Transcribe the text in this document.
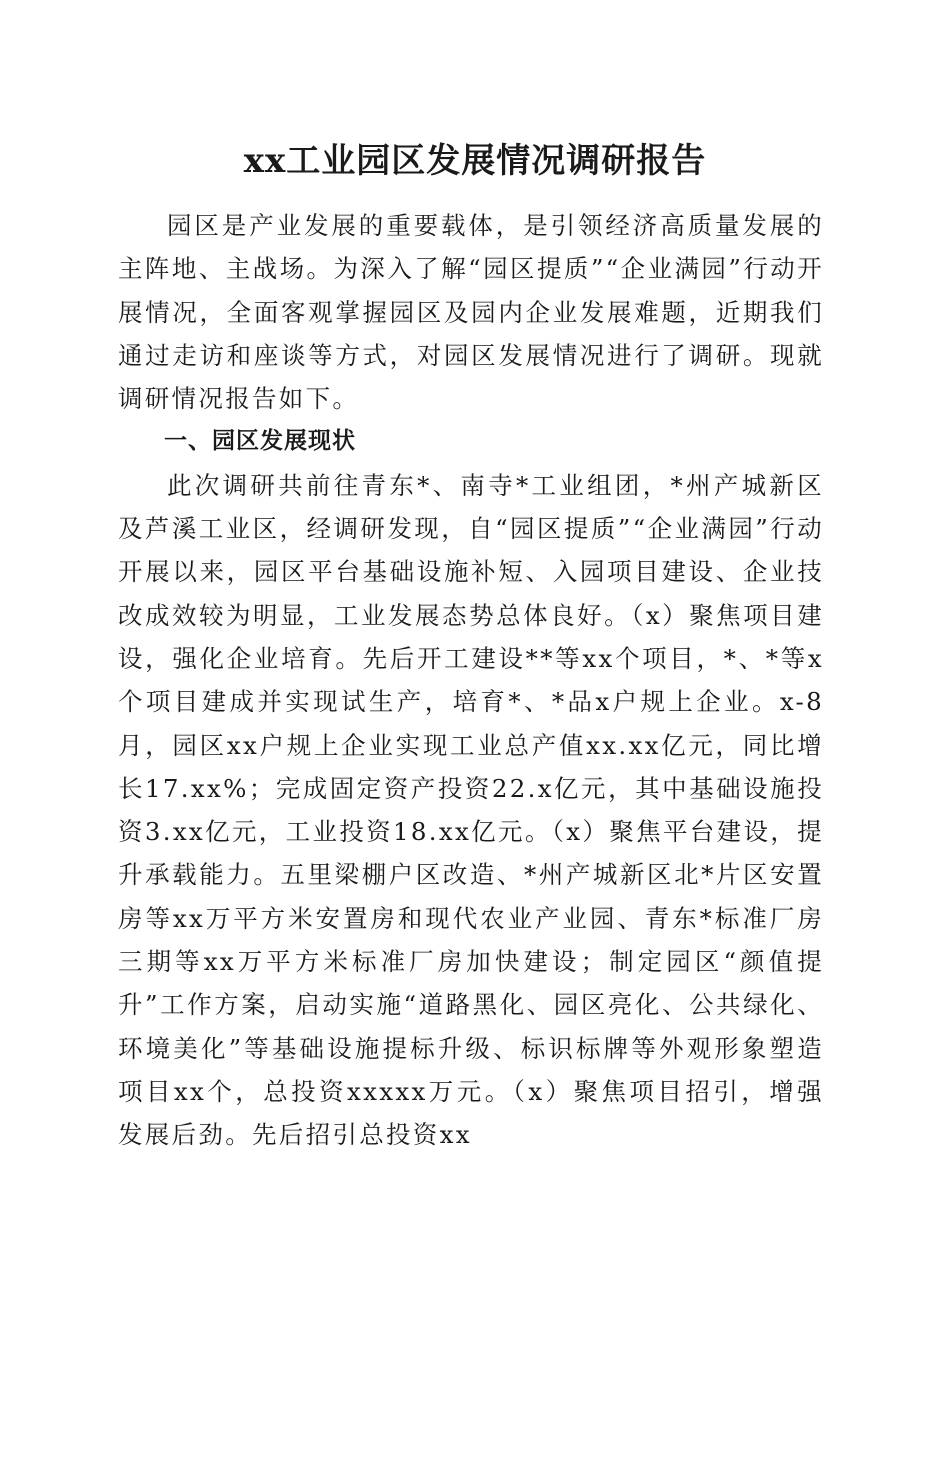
xx工业园区发展情况调研报告

园区是产业发展的重要载体，是引领经济高质量发展的主阵地、主战场。为深入了解“园区提质”“企业满园”行动开展情况，全面客观掌握园区及园内企业发展难题，近期我们通过走访和座谈等方式，对园区发展情况进行了调研。现就调研情况报告如下。

一、园区发展现状

此次调研共前往青东*、南寺*工业组团，*州产城新区及芦溪工业区，经调研发现，自“园区提质”“企业满园”行动开展以来，园区平台基础设施补短、入园项目建设、企业技改成效较为明显，工业发展态势总体良好。（x）聚焦项目建设，强化企业培育。先后开工建设**等xx个项目，*、*等x个项目建成并实现试生产，培育*、*品x户规上企业。x-8月，园区xx户规上企业实现工业总产值xx.xx亿元，同比增长17.xx%；完成固定资产投资22.x亿元，其中基础设施投资3.xx亿元，工业投资18.xx亿元。（x）聚焦平台建设，提升承载能力。五里梁棚户区改造、*州产城新区北*片区安置房等xx万平方米安置房和现代农业产业园、青东*标准厂房三期等xx万平方米标准厂房加快建设；制定园区“颜值提升”工作方案，启动实施“道路黑化、园区亮化、公共绿化、环境美化”等基础设施提标升级、标识标牌等外观形象塑造项目xx个，总投资xxxxx万元。（x）聚焦项目招引，增强发展后劲。先后招引总投资xx
